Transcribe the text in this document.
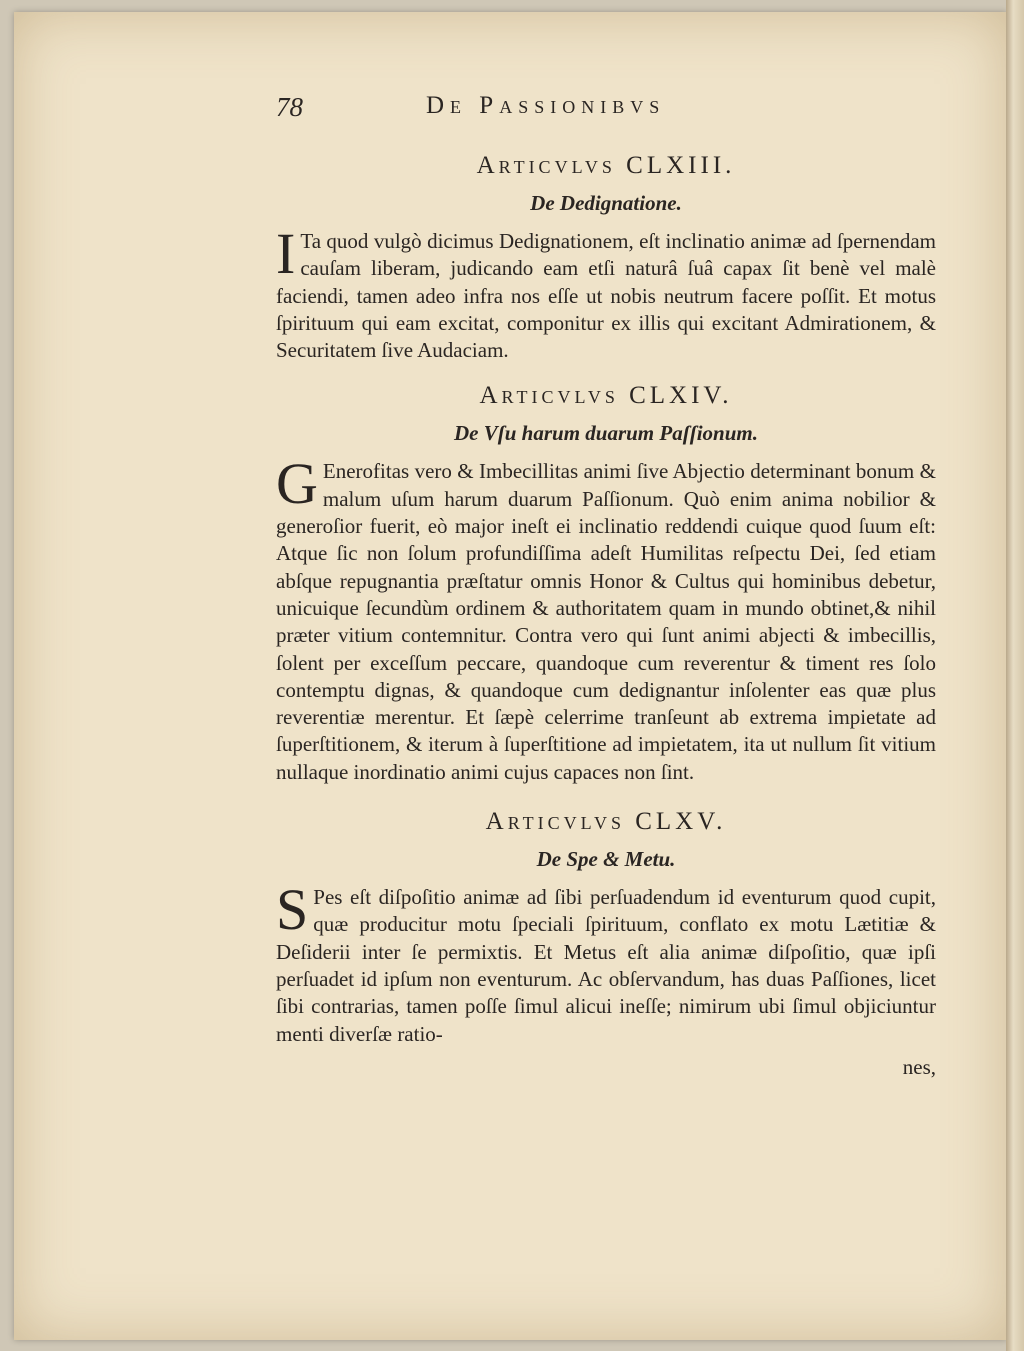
78	De Passionibvs

Articvlvs CLXIII.

De Dedignatione.

I Ta quod vulgò dicimus Dedignationem, eſt inclinatio animæ ad ſpernendam cauſam liberam, judicando eam etſi naturâ ſuâ capax ſit benè vel malè faciendi, tamen adeo infra nos eſſe ut nobis neutrum facere poſſit. Et motus ſpirituum qui eam excitat, componitur ex illis qui excitant Admirationem, & Securitatem ſive Audaciam.

Articvlvs CLXIV.

De Vſu harum duarum Paſſionum.

G Enerofitas vero & Imbecillitas animi ſive Abjectio determinant bonum & malum uſum harum duarum Paſſionum. Quò enim anima nobilior & generoſior fuerit, eò major ineſt ei inclinatio reddendi cuique quod ſuum eſt: Atque ſic non ſolum profundiſſima adeſt Humilitas reſpectu Dei, ſed etiam abſque repugnantia præſtatur omnis Honor & Cultus qui hominibus debetur, unicuique ſecundùm ordinem & authoritatem quam in mundo obtinet,& nihil præter vitium contemnitur. Contra vero qui ſunt animi abjecti & imbecillis, ſolent per exceſſum peccare, quandoque cum reverentur & timent res ſolo contemptu dignas, & quandoque cum dedignantur inſolenter eas quæ plus reverentiæ merentur. Et ſæpè celerrime tranſeunt ab extrema impietate ad ſuperſtitionem, & iterum à ſuperſtitione ad impietatem, ita ut nullum ſit vitium nullaque inordinatio animi cujus capaces non ſint.

Articvlvs CLXV.

De Spe & Metu.

S Pes eſt diſpoſitio animæ ad ſibi perſuadendum id eventurum quod cupit, quæ producitur motu ſpeciali ſpirituum, conflato ex motu Lætitiæ & Deſiderii inter ſe permixtis. Et Metus eſt alia animæ diſpoſitio, quæ ipſi perſuadet id ipſum non eventurum. Ac obſervandum, has duas Paſſiones, licet ſibi contrarias, tamen poſſe ſimul alicui ineſſe; nimirum ubi ſimul objiciuntur menti diverſæ ratio-

nes,
